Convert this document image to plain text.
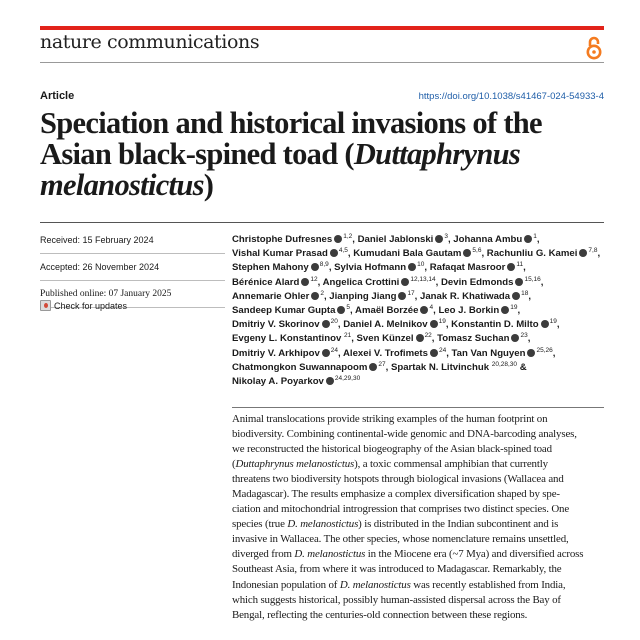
nature communications
Article	https://doi.org/10.1038/s41467-024-54933-4
Speciation and historical invasions of the
Asian black-spined toad (Duttaphrynus
melanostictus)
Received: 15 February 2024
Accepted: 26 November 2024
Published online: 07 January 2025
Check for updates
Christophe Dufresnes $^{1,2}$, Daniel Jablonski $^3$, Johanna Ambu $^1$,
Vishal Kumar Prasad $^{4,5}$, Kumudani Bala Gautam $^{5,6}$, Rachunliu G. Kamei $^{7,8}$,
Stephen Mahony $^{8,9}$, Sylvia Hofmann $^{10}$, Rafaqat Masroor $^{11}$,
Bérénice Alard $^{12}$, Angelica Crottini $^{12,13,14}$, Devin Edmonds $^{15,16}$,
Annemarie Ohler $^2$, Jianping Jiang $^{17}$, Janak R. Khatiwada $^{18}$,
Sandeep Kumar Gupta $^5$, Amaël Borzée $^4$, Leo J. Borkin $^{19}$,
Dmitriy V. Skorinov $^{20}$, Daniel A. Melnikov $^{19}$, Konstantin D. Milto $^{19}$,
Evgeny L. Konstantinov $^{21}$, Sven Künzel $^{22}$, Tomasz Suchan $^{23}$,
Dmitriy V. Arkhipov $^{24}$, Alexei V. Trofimets $^{24}$, Tan Van Nguyen $^{25,26}$,
Chatmongkon Suwannapoom $^{27}$, Spartak N. Litvinchuk $^{20,28,30}$ &
Nikolay A. Poyarkov $^{24,29,30}$
Animal translocations provide striking examples of the human footprint on
biodiversity. Combining continental-wide genomic and DNA-barcoding analyses,
we reconstructed the historical biogeography of the Asian black-spined toad
(Duttaphrynus melanostictus), a toxic commensal amphibian that currently
threatens two biodiversity hotspots through biological invasions (Wallacea and
Madagascar). The results emphasize a complex diversification shaped by spe-
ciation and mitochondrial introgression that comprises two distinct species. One
species (true D. melanostictus) is distributed in the Indian subcontinent and is
invasive in Wallacea. The other species, whose nomenclature remains unsettled,
diverged from D. melanostictus in the Miocene era (~7 Mya) and diversified across
Southeast Asia, from where it was introduced to Madagascar. Remarkably, the
Indonesian population of D. melanostictus was recently established from India,
which suggests historical, possibly human-assisted dispersal across the Bay of
Bengal, reflecting the centuries-old connection between these regions.
